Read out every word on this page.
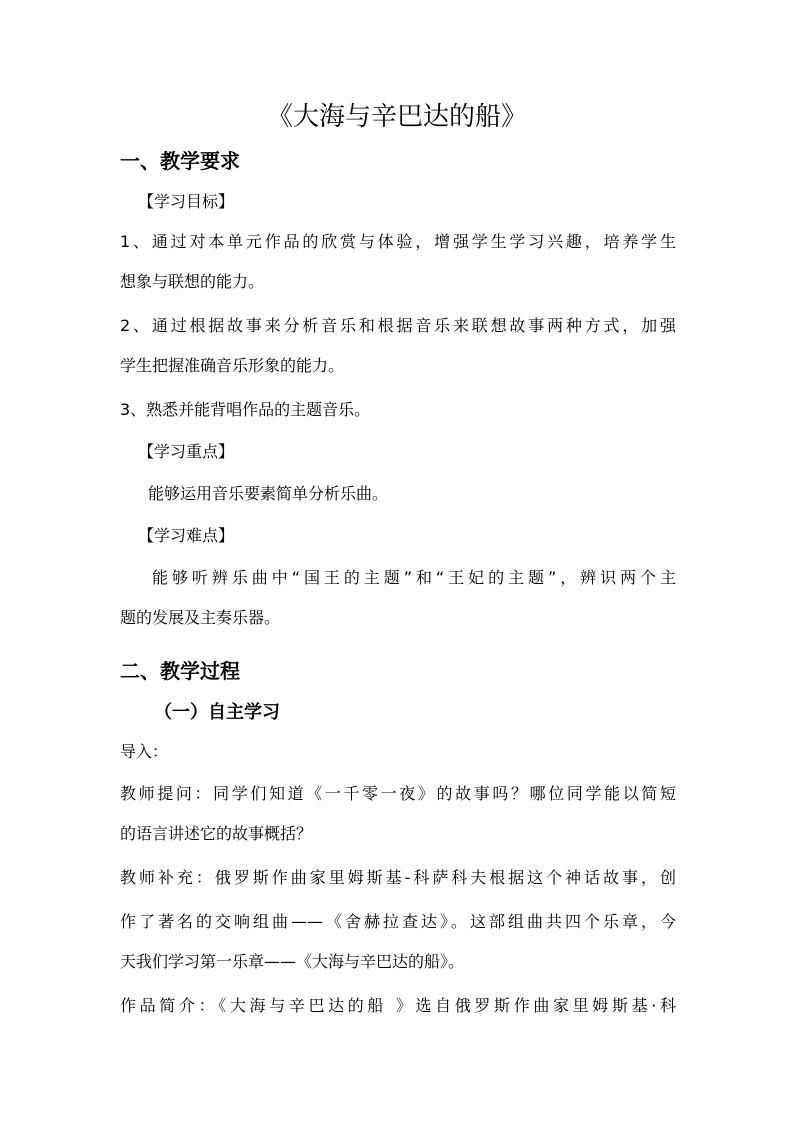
《大海与辛巴达的船》
一、教学要求
【学习目标】
1、通过对本单元作品的欣赏与体验，增强学生学习兴趣，培养学生
想象与联想的能力。
2、通过根据故事来分析音乐和根据音乐来联想故事两种方式，加强
学生把握准确音乐形象的能力。
3、熟悉并能背唱作品的主题音乐。
【学习重点】
能够运用音乐要素简单分析乐曲。
【学习难点】
能够听辨乐曲中“国王的主题”和“王妃的主题”，辨识两个主
题的发展及主奏乐器。
二、教学过程
（一）自主学习
导入：
教师提问：同学们知道《一千零一夜》的故事吗？哪位同学能以简短
的语言讲述它的故事概括？
教师补充：俄罗斯作曲家里姆斯基-科萨科夫根据这个神话故事，创
作了著名的交响组曲——《舍赫拉查达》。这部组曲共四个乐章，今
天我们学习第一乐章——《大海与辛巴达的船》。
作品简介：《大海与辛巴达的船 》选自俄罗斯作曲家里姆斯基·科
